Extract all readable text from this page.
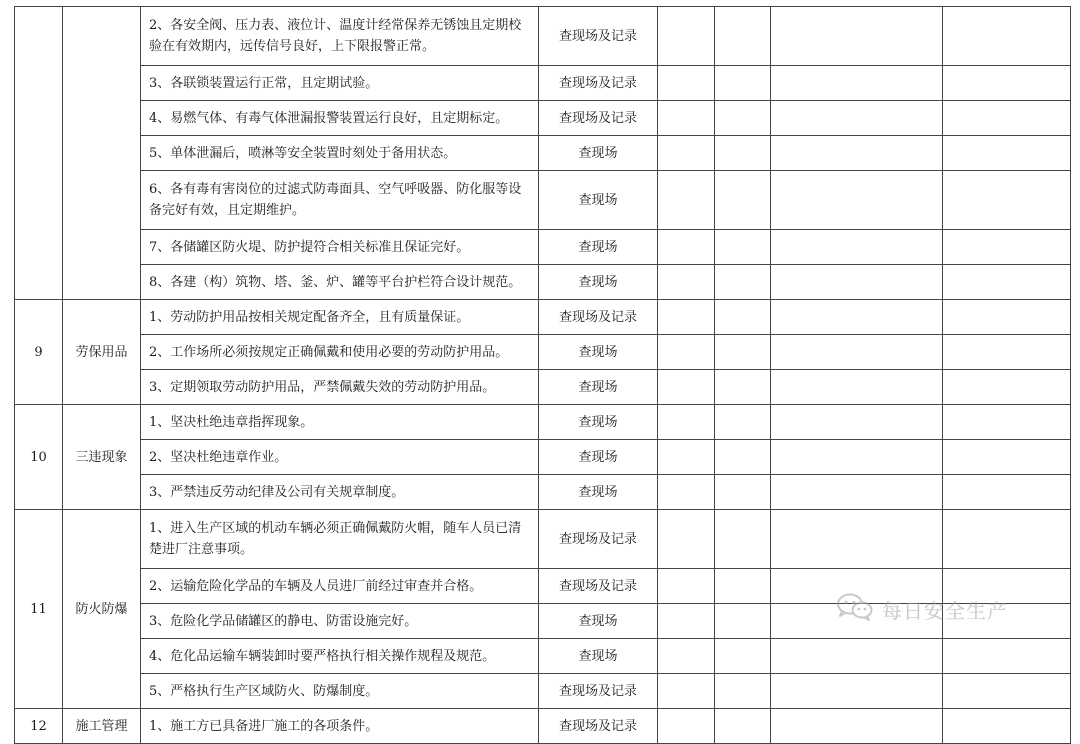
		2、各安全阀、压力表、液位计、温度计经常保养无锈蚀且定期校验在有效期内，远传信号良好，上下限报警正常。	查现场及记录				
		3、各联锁装置运行正常，且定期试验。	查现场及记录				
		4、易燃气体、有毒气体泄漏报警装置运行良好，且定期标定。	查现场及记录				
		5、单体泄漏后，喷淋等安全装置时刻处于备用状态。	查现场				
		6、各有毒有害岗位的过滤式防毒面具、空气呼吸器、防化服等设备完好有效，且定期维护。	查现场				
		7、各储罐区防火堤、防护提符合相关标准且保证完好。	查现场				
		8、各建（构）筑物、塔、釜、炉、罐等平台护栏符合设计规范。	查现场				
9	劳保用品	1、劳动防护用品按相关规定配备齐全，且有质量保证。	查现场及记录				
		2、工作场所必须按规定正确佩戴和使用必要的劳动防护用品。	查现场				
		3、定期领取劳动防护用品，严禁佩戴失效的劳动防护用品。	查现场				
10	三违现象	1、坚决杜绝违章指挥现象。	查现场				
		2、坚决杜绝违章作业。	查现场				
		3、严禁违反劳动纪律及公司有关规章制度。	查现场				
11	防火防爆	1、进入生产区域的机动车辆必须正确佩戴防火帽，随车人员已清楚进厂注意事项。	查现场及记录				
		2、运输危险化学品的车辆及人员进厂前经过审查并合格。	查现场及记录				
		3、危险化学品储罐区的静电、防雷设施完好。	查现场				
		4、危化品运输车辆装卸时要严格执行相关操作规程及规范。	查现场				
		5、严格执行生产区域防火、防爆制度。	查现场及记录				
12	施工管理	1、施工方已具备进厂施工的各项条件。	查现场及记录				
每日安全生产
